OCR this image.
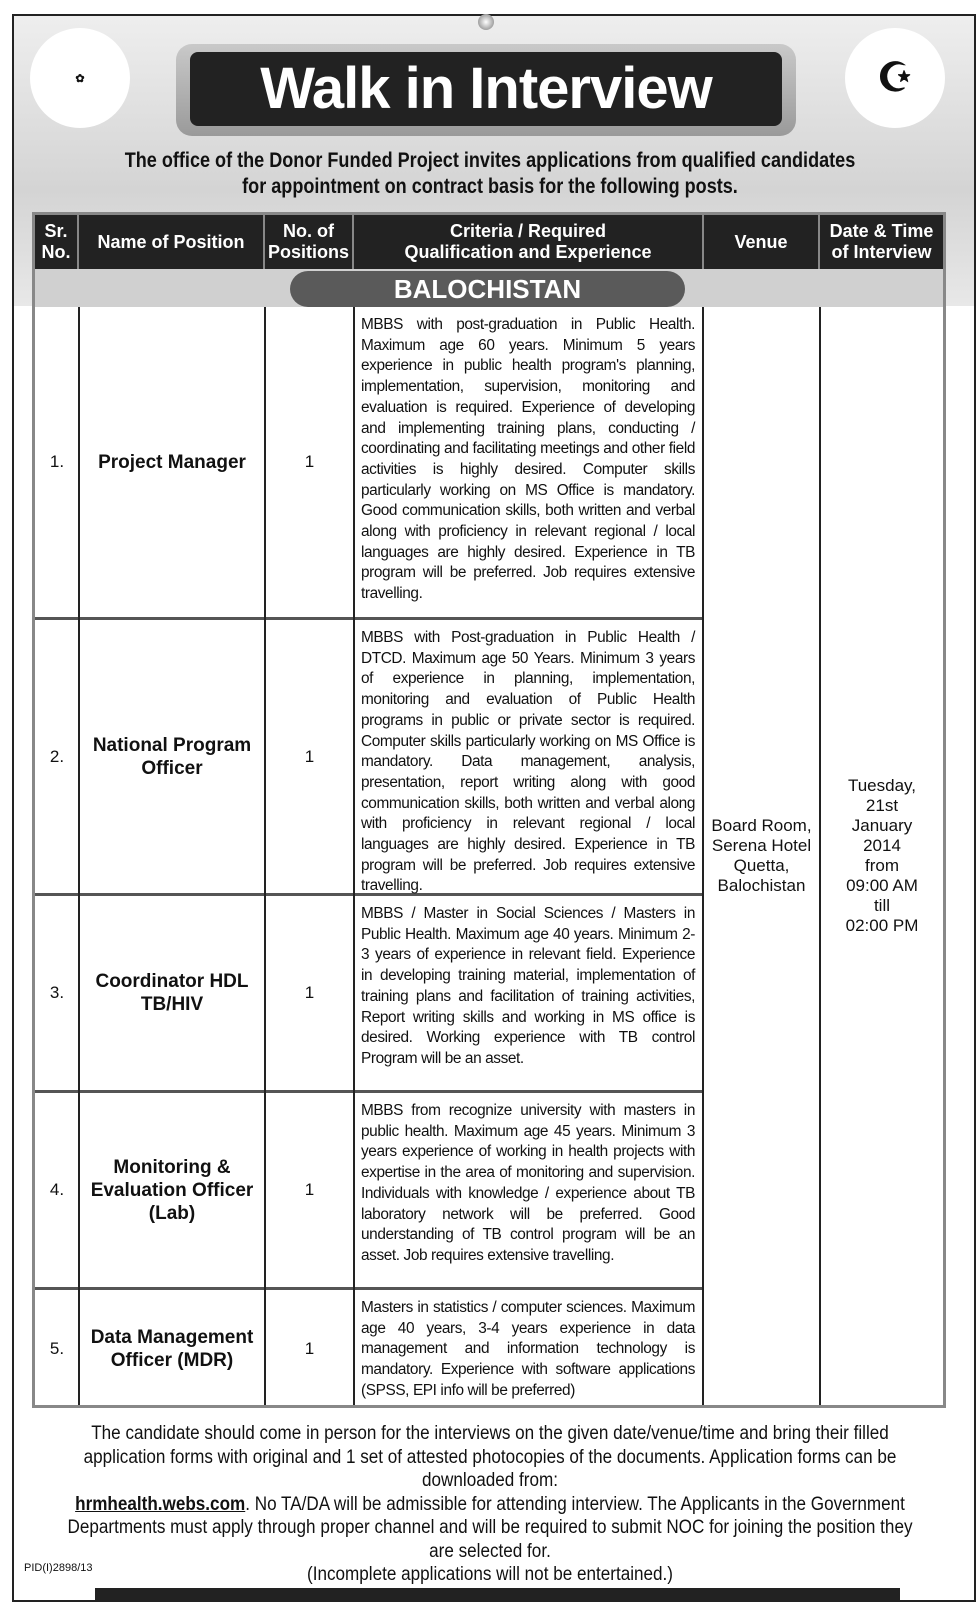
✿	☪
Walk in Interview
The office of the Donor Funded Project invites applications from qualified candidates for appointment on contract basis for the following posts.
Sr. No.
Name of Position
No. of Positions
Criteria / Required Qualification and Experience
Venue
Date & Time of Interview
BALOCHISTAN
1. Project Manager	1
MBBS with post-graduation in Public Health. Maximum age 60 years. Minimum 5 years experience in public health program's planning, implementation, supervision, monitoring and evaluation is required. Experience of developing and implementing training plans, conducting / coordinating and facilitating meetings and other field activities is highly desired. Computer skills particularly working on MS Office is mandatory. Good communication skills, both written and verbal along with proficiency in relevant regional / local languages are highly desired. Experience in TB program will be preferred. Job requires extensive travelling.
2.
National Program Officer
1
MBBS with Post-graduation in Public Health / DTCD. Maximum age 50 Years. Minimum 3 years of experience in planning, implementation, monitoring and evaluation of Public Health programs in public or private sector is required. Computer skills particularly working on MS Office is mandatory. Data management, analysis, presentation, report writing along with good communication skills, both written and verbal along with proficiency in relevant regional / local languages are highly desired. Experience in TB program will be preferred. Job requires extensive travelling.
3.
Coordinator HDL TB/HIV
1
MBBS / Master in Social Sciences / Masters in Public Health. Maximum age 40 years. Minimum 2-3 years of experience in relevant field. Experience in developing training material, implementation of training plans and facilitation of training activities, Report writing skills and working in MS office is desired. Working experience with TB control Program will be an asset.
4.
Monitoring & Evaluation Officer (Lab)
1
MBBS from recognize university with masters in public health. Maximum age 45 years. Minimum 3 years experience of working in health projects with expertise in the area of monitoring and supervision. Individuals with knowledge / experience about TB laboratory network will be preferred. Good understanding of TB control program will be an asset. Job requires extensive travelling.
5.
Data Management Officer (MDR)
1
Masters in statistics / computer sciences. Maximum age 40 years, 3-4 years experience in data management and information technology is mandatory. Experience with software applications (SPSS, EPI info will be preferred)
Board Room,
Serena Hotel
Quetta,
Balochistan
Tuesday,
21st
January
2014
from
09:00 AM
till
02:00 PM
The candidate should come in person for the interviews on the given date/venue/time and bring their filled application forms with original and 1 set of attested photocopies of the documents. Application forms can be downloaded from:
hrmhealth.webs.com. No TA/DA will be admissible for attending interview. The Applicants in the Government Departments must apply through proper channel and will be required to submit NOC for joining the position they are selected for.
(Incomplete applications will not be entertained.)
PID(I)2898/13
